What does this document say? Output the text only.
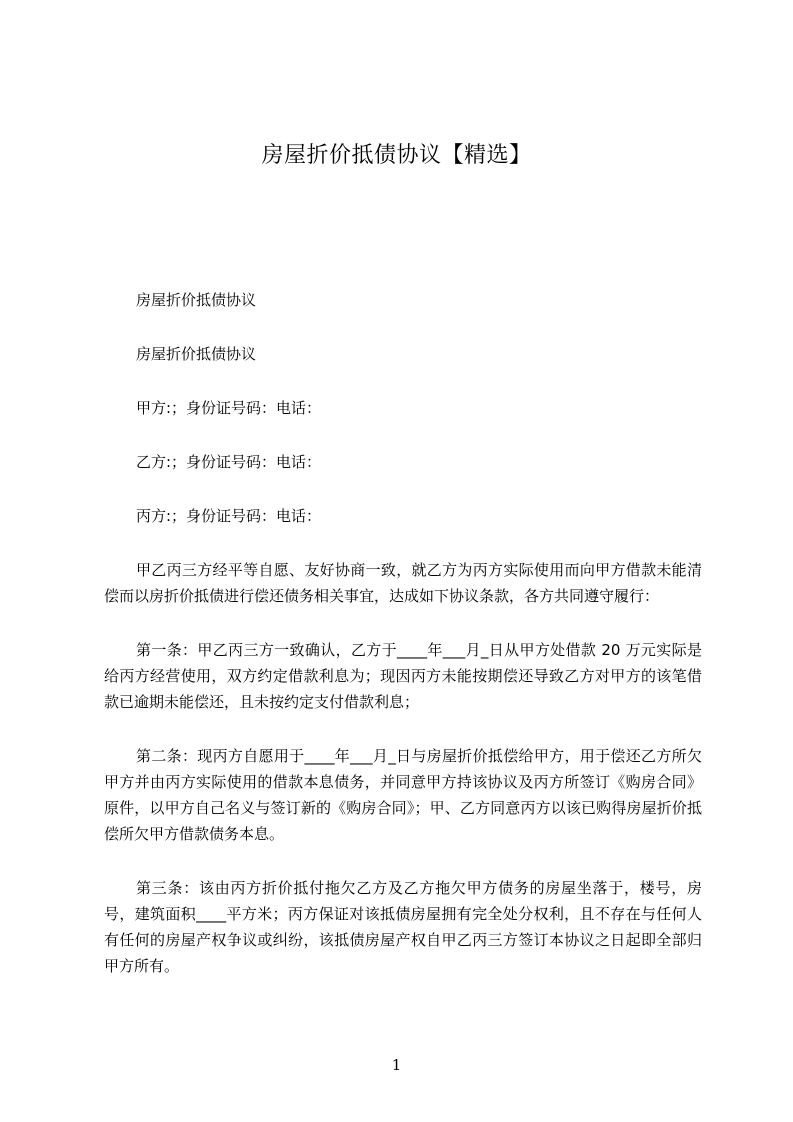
房屋折价抵债协议【精选】

房屋折价抵债协议

房屋折价抵债协议

甲方:；身份证号码：电话：

乙方:；身份证号码：电话：

丙方:；身份证号码：电话：

甲乙丙三方经平等自愿、友好协商一致，就乙方为丙方实际使用而向甲方借款未能清偿而以房折价抵债进行偿还债务相关事宜，达成如下协议条款，各方共同遵守履行：

第一条：甲乙丙三方一致确认，乙方于____年___月_日从甲方处借款 20 万元实际是给丙方经营使用，双方约定借款利息为；现因丙方未能按期偿还导致乙方对甲方的该笔借款已逾期未能偿还，且未按约定支付借款利息；

第二条：现丙方自愿用于____年___月_日与房屋折价抵偿给甲方，用于偿还乙方所欠甲方并由丙方实际使用的借款本息债务，并同意甲方持该协议及丙方所签订《购房合同》原件，以甲方自己名义与签订新的《购房合同》；甲、乙方同意丙方以该已购得房屋折价抵偿所欠甲方借款债务本息。

第三条：该由丙方折价抵付拖欠乙方及乙方拖欠甲方债务的房屋坐落于，楼号，房号，建筑面积____平方米；丙方保证对该抵债房屋拥有完全处分权利，且不存在与任何人有任何的房屋产权争议或纠纷，该抵债房屋产权自甲乙丙三方签订本协议之日起即全部归甲方所有。

1
